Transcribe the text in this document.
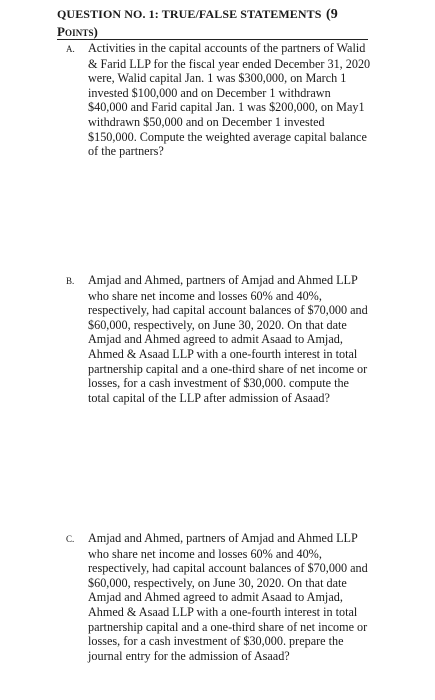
QUESTION NO. 1: TRUE/FALSE STATEMENTS (9
Points)

A. Activities in the capital accounts of the partners of Walid & Farid LLP for the fiscal year ended December 31, 2020 were, Walid capital Jan. 1 was $300,000, on March 1 invested $100,000 and on December 1 withdrawn $40,000 and Farid capital Jan. 1 was $200,000, on May1 withdrawn $50,000 and on December 1 invested $150,000. Compute the weighted average capital balance of the partners?

B. Amjad and Ahmed, partners of Amjad and Ahmed LLP who share net income and losses 60% and 40%, respectively, had capital account balances of $70,000 and $60,000, respectively, on June 30, 2020. On that date Amjad and Ahmed agreed to admit Asaad to Amjad, Ahmed & Asaad LLP with a one-fourth interest in total partnership capital and a one-third share of net income or losses, for a cash investment of $30,000. compute the total capital of the LLP after admission of Asaad?

C. Amjad and Ahmed, partners of Amjad and Ahmed LLP who share net income and losses 60% and 40%, respectively, had capital account balances of $70,000 and $60,000, respectively, on June 30, 2020. On that date Amjad and Ahmed agreed to admit Asaad to Amjad, Ahmed & Asaad LLP with a one-fourth interest in total partnership capital and a one-third share of net income or losses, for a cash investment of $30,000. prepare the journal entry for the admission of Asaad?
